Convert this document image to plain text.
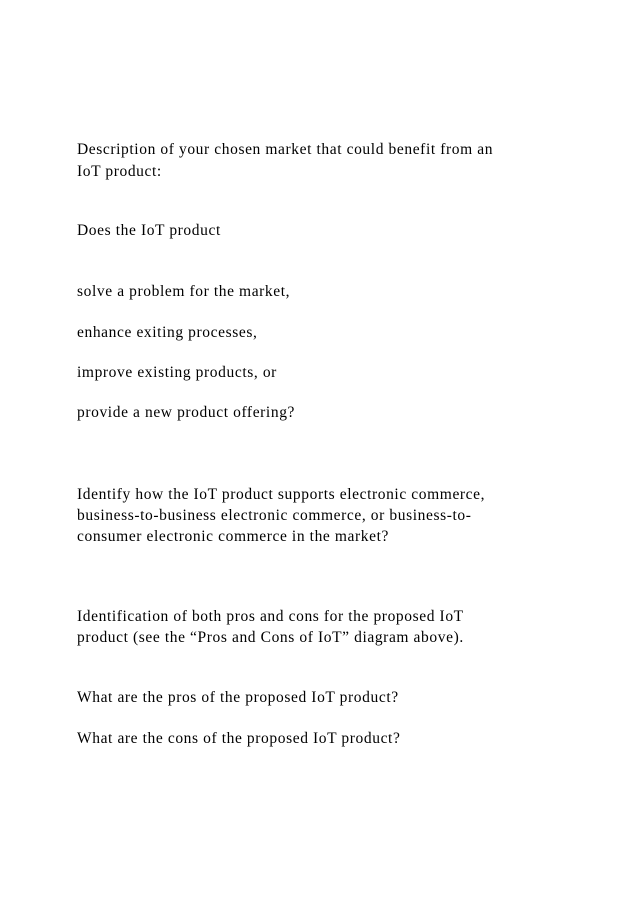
Description of your chosen market that could benefit from an

IoT product:

Does the IoT product

solve a problem for the market,

enhance exiting processes,

improve existing products, or

provide a new product offering?

Identify how the IoT product supports electronic commerce,

business-to-business electronic commerce, or business-to-

consumer electronic commerce in the market?

Identification of both pros and cons for the proposed IoT

product (see the “Pros and Cons of IoT” diagram above).

What are the pros of the proposed IoT product?

What are the cons of the proposed IoT product?
